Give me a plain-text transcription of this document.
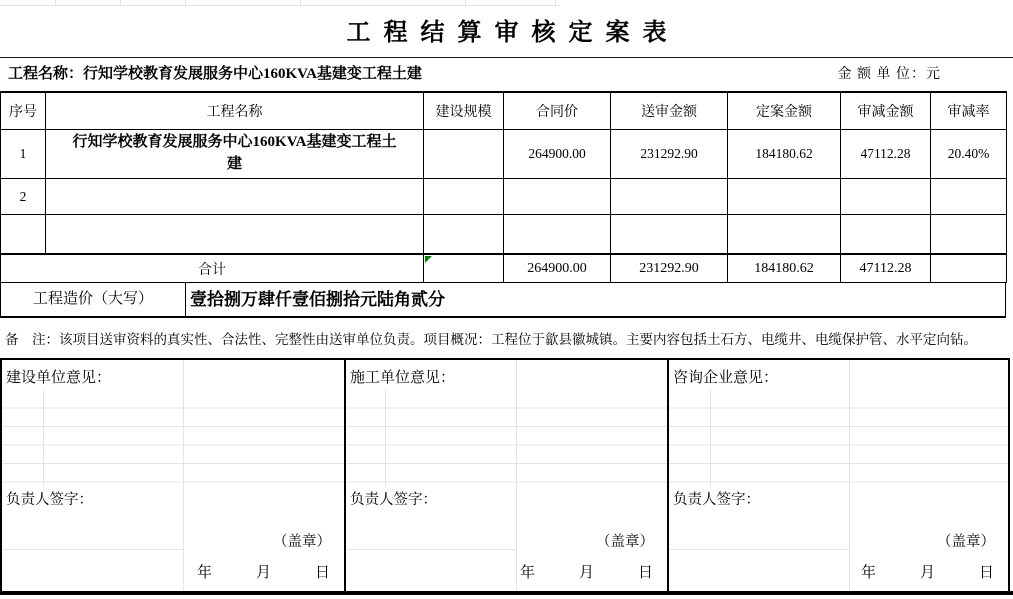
工程结算审核定案表
工程名称：行知学校教育发展服务中心160KVA基建变工程土建	金 额 单 位：元
序号	工程名称	建设规模	合同价	送审金额	定案金额	审减金额	审减率
1	行知学校教育发展服务中心160KVA基建变工程土建		264900.00	231292.90	184180.62	47112.28	20.40%
2							

合计			264900.00	231292.90	184180.62	47112.28	
工程造价（大写）	壹拾捌万肆仟壹佰捌拾元陆角贰分
备　注：该项目送审资料的真实性、合法性、完整性由送审单位负责。项目概况：工程位于歙县徽城镇。主要内容包括土石方、电缆井、电缆保护管、水平定向钻。
建设单位意见：
负责人签字：
（盖章）
年	月	日
施工单位意见：
负责人签字：
（盖章）
年	月	日
咨询企业意见：
负责人签字：
（盖章）
年	月	日
